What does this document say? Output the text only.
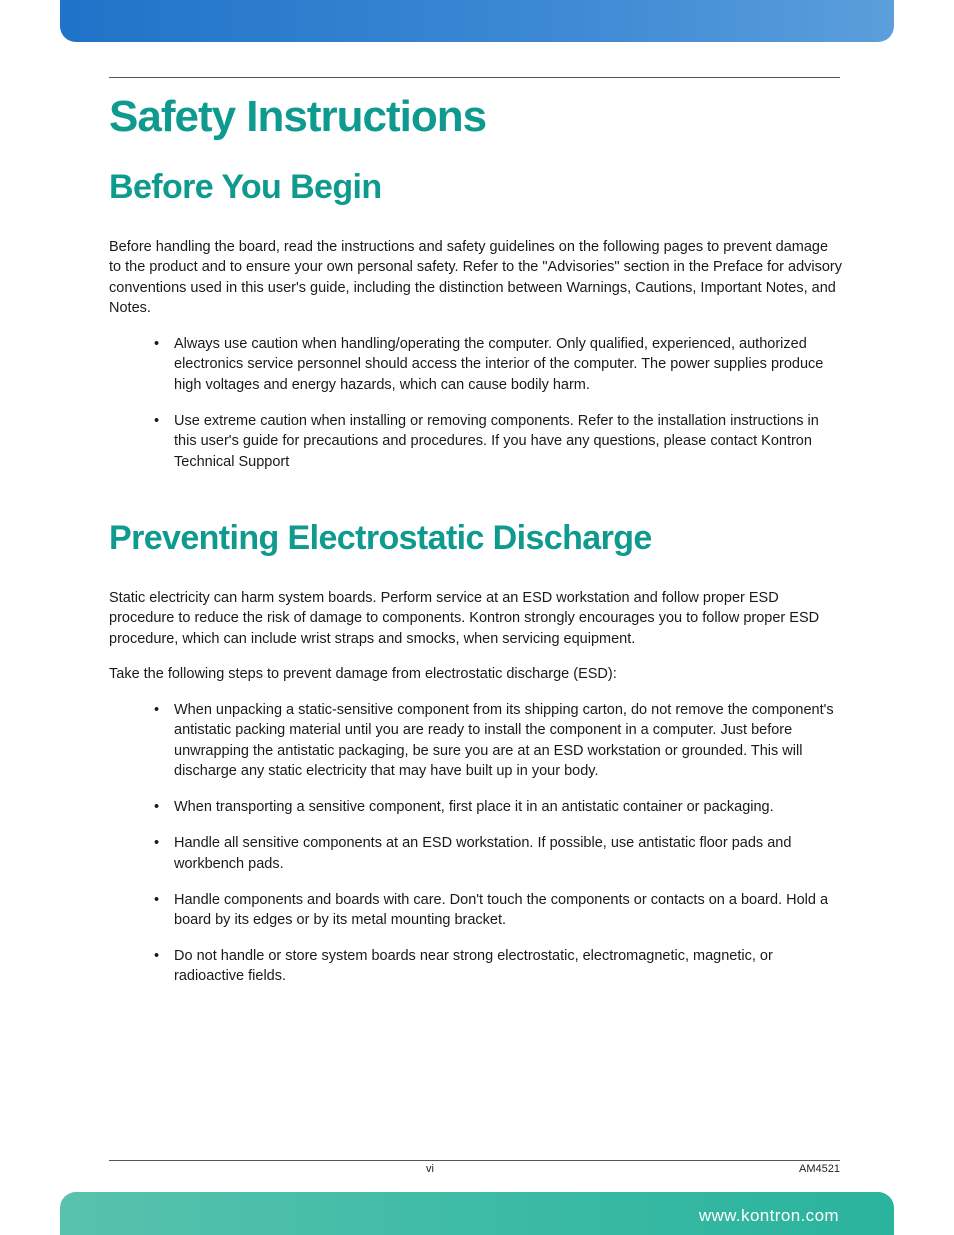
Safety Instructions
Before You Begin

Before handling the board, read the instructions and safety guidelines on the following pages to prevent damage to the product and to ensure your own personal safety. Refer to the "Advisories" section in the Preface for advisory conventions used in this user's guide, including the distinction between Warnings, Cautions, Important Notes, and Notes.

• Always use caution when handling/operating the computer. Only qualified, experienced, authorized electronics service personnel should access the interior of the computer. The power supplies produce high voltages and energy hazards, which can cause bodily harm.
• Use extreme caution when installing or removing components. Refer to the installation instructions in this user's guide for precautions and procedures. If you have any questions, please contact Kontron Technical Support
Preventing Electrostatic Discharge

Static electricity can harm system boards. Perform service at an ESD workstation and follow proper ESD procedure to reduce the risk of damage to components. Kontron strongly encourages you to follow proper ESD procedure, which can include wrist straps and smocks, when servicing equipment.

Take the following steps to prevent damage from electrostatic discharge (ESD):

• When unpacking a static-sensitive component from its shipping carton, do not remove the component's antistatic packing material until you are ready to install the component in a computer. Just before unwrapping the antistatic packaging, be sure you are at an ESD workstation or grounded. This will discharge any static electricity that may have built up in your body.
• When transporting a sensitive component, first place it in an antistatic container or packaging.
• Handle all sensitive components at an ESD workstation. If possible, use antistatic floor pads and workbench pads.
• Handle components and boards with care. Don't touch the components or contacts on a board. Hold a board by its edges or by its metal mounting bracket.
• Do not handle or store system boards near strong electrostatic, electromagnetic, magnetic, or radioactive fields.
vi	AM4521
www.kontron.com
